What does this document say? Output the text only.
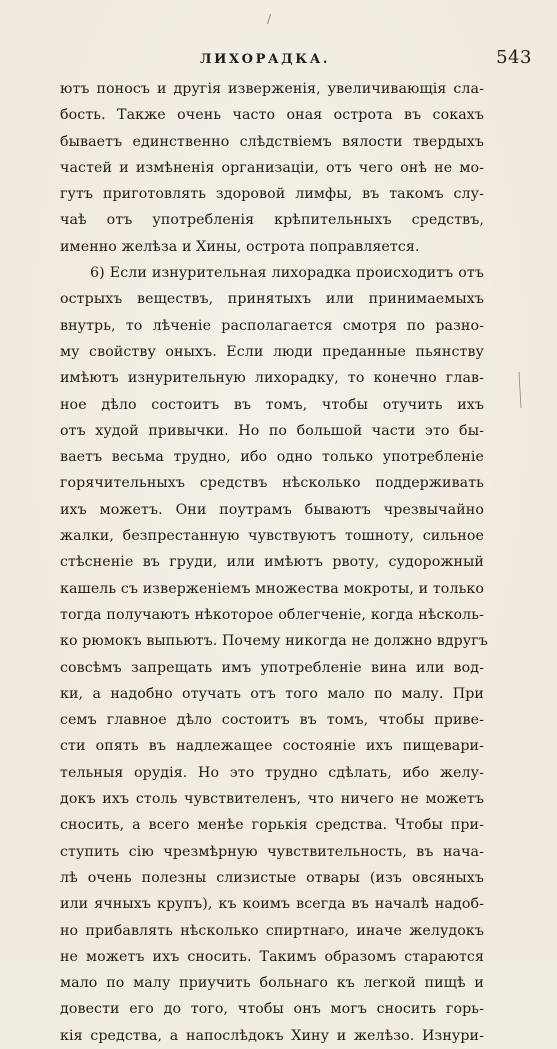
/
ЛИХОРАДКА.	543
ютъ поносъ и другія изверженія, увеличивающія сла-
бость. Также очень часто оная острота въ сокахъ
бываетъ единственно слѣдствіемъ вялости твердыхъ
частей и измѣненія организаціи, отъ чего онѣ не мо-
гутъ приготовлять здоровой лимфы, въ такомъ слу-
чаѣ отъ употребленія крѣпительныхъ средствъ,
именно желѣза и Хины, острота поправляется.
6) Если изнурительная лихорадка происходитъ отъ
острыхъ веществъ, принятыхъ или принимаемыхъ
внутрь, то лѣченіе располагается смотря по разно-
му свойству оныхъ. Если люди преданные пьянству
имѣютъ изнурительную лихорадку, то конечно глав-
ное дѣло состоитъ въ томъ, чтобы отучить ихъ
отъ худой привычки. Но по большой части это бы-
ваетъ весьма трудно, ибо одно только употребленіе
горячительныхъ средствъ нѣсколько поддерживать
ихъ можетъ. Они поутрамъ бываютъ чрезвычайно
жалки, безпрестанную чувствуютъ тошноту, сильное
стѣсненіе въ груди, или имѣютъ рвоту, судорожный
кашель съ изверженіемъ множества мокроты, и только
тогда получаютъ нѣкоторое облегченіе, когда нѣсколь-
ко рюмокъ выпьютъ. Почему никогда не должно вдругъ
совсѣмъ запрещать имъ употребленіе вина или вод-
ки, а надобно отучать отъ того мало по малу. При
семъ главное дѣло состоитъ въ томъ, чтобы приве-
сти опять въ надлежащее состояніе ихъ пищевари-
тельныя орудія. Но это трудно сдѣлать, ибо желу-
докъ ихъ столь чувствителенъ, что ничего не можетъ
сносить, а всего менѣе горькія средства. Чтобы при-
ступить сію чрезмѣрную чувствительность, въ нача-
лѣ очень полезны слизистые отвары (изъ овсяныхъ
или ячныхъ крупъ), къ коимъ всегда въ началѣ надоб-
но прибавлять нѣсколько спиртнаго, иначе желудокъ
не можетъ ихъ сносить. Такимъ образомъ стараются
мало по малу приучить больнаго къ легкой пищѣ и
довести его до того, чтобы онъ могъ сносить горь-
кія средства, а напослѣдокъ Хину и желѣзо. Изнури-
